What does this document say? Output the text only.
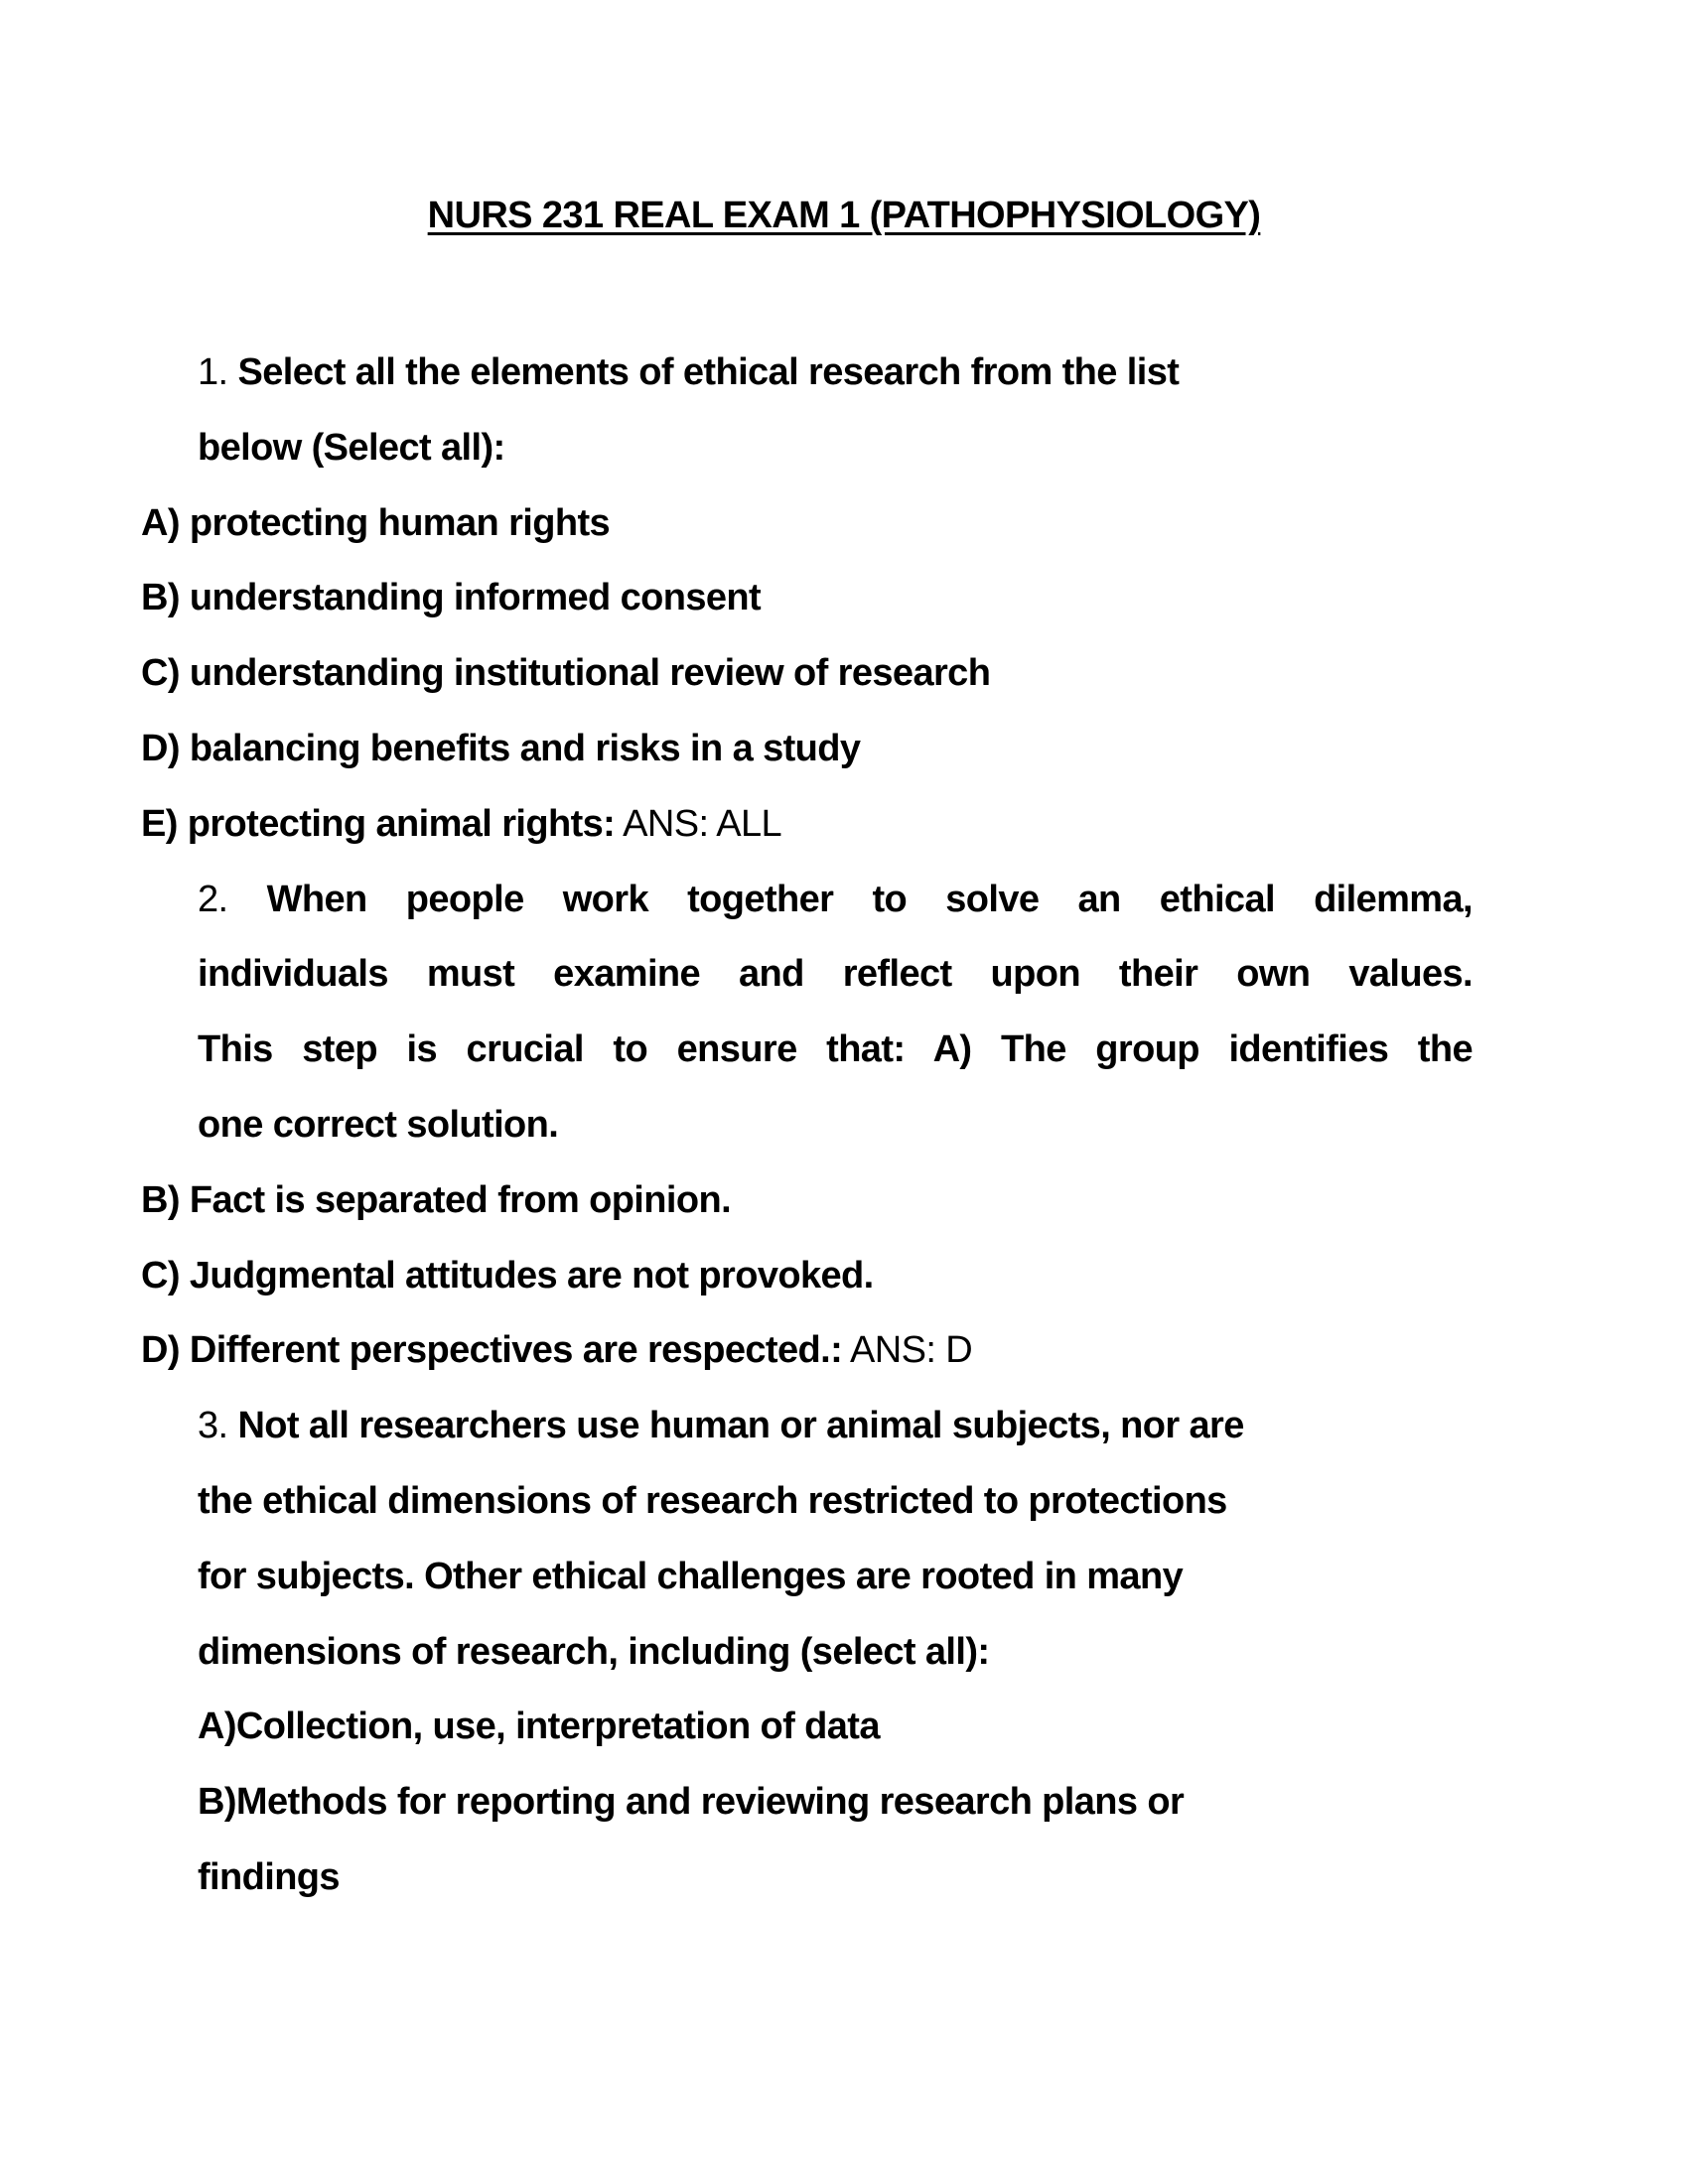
NURS 231 REAL EXAM 1 (PATHOPHYSIOLOGY)
1. Select all the elements of ethical research from the list
below (Select all):
A) protecting human rights
B) understanding informed consent
C) understanding institutional review of research
D) balancing benefits and risks in a study
E) protecting animal rights: ANS: ALL
2. When people work together to solve an ethical dilemma,
individuals must examine and reflect upon their own values.
This step is crucial to ensure that: A) The group identifies the
one correct solution.
B) Fact is separated from opinion.
C) Judgmental attitudes are not provoked.
D) Different perspectives are respected.: ANS: D
3. Not all researchers use human or animal subjects, nor are
the ethical dimensions of research restricted to protections
for subjects. Other ethical challenges are rooted in many
dimensions of research, including (select all):
A)Collection, use, interpretation of data
B)Methods for reporting and reviewing research plans or
findings
